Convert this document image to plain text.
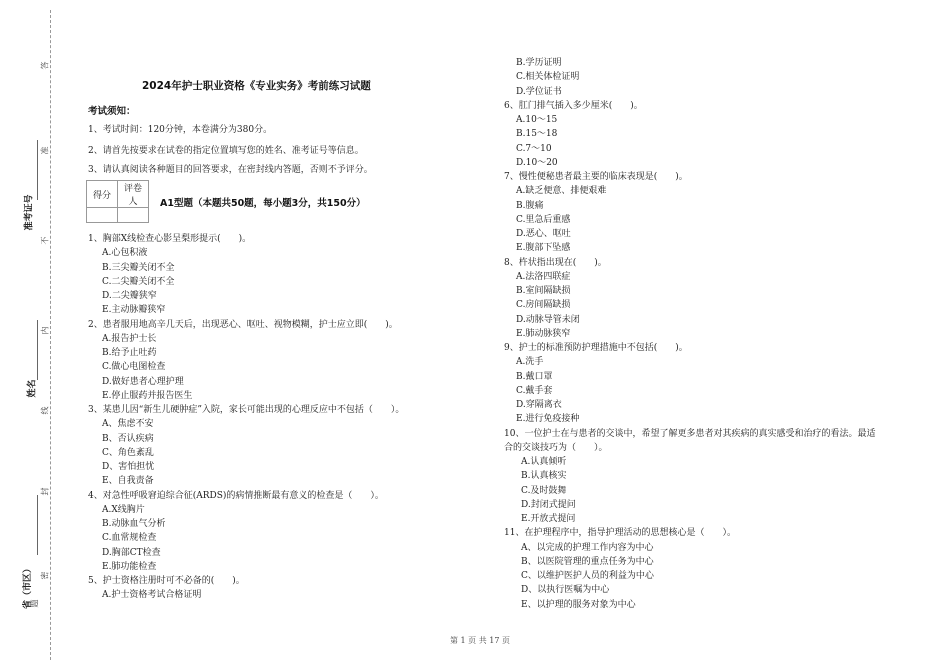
准考证号
姓名
省（市区）
答
准
不
内
线
封
密
题
2024年护士职业资格《专业实务》考前练习试题
考试须知：
1、考试时间：120分钟，本卷满分为380分。
2、请首先按要求在试卷的指定位置填写您的姓名、准考证号等信息。
3、请认真阅读各种题目的回答要求，在密封线内答题，否则不予评分。
得分	评卷人
	A1型题（本题共50题，每小题3分，共150分）
1、胸部X线检查心影呈梨形提示(　　)。
A.心包积液
B.三尖瓣关闭不全
C.二尖瓣关闭不全
D.二尖瓣狭窄
E.主动脉瓣狭窄
2、患者服用地高辛几天后，出现恶心、呕吐、视物模糊，护士应立即(　　)。
A.报告护士长
B.给予止吐药
C.做心电图检查
D.做好患者心理护理
E.停止服药并报告医生
3、某患儿因“新生儿硬肿症”入院，家长可能出现的心理反应中不包括（　　）。
A、焦虑不安
B、否认疾病
C、角色紊乱
D、害怕担忧
E、自我责备
4、对急性呼吸窘迫综合征(ARDS)的病情推断最有意义的检查是（　　）。
A.X线胸片
B.动脉血气分析
C.血常规检查
D.胸部CT检查
E.肺功能检查
5、护士资格注册时可不必备的(　　)。
A.护士资格考试合格证明
B.学历证明
C.相关体检证明
D.学位证书
6、肛门排气插入多少厘米(　　)。
A.10～15
B.15～18
C.7～10
D.10～20
7、慢性便秘患者最主要的临床表现是(　　)。
A.缺乏便意、排便艰难
B.腹痛
C.里急后重感
D.恶心、呕吐
E.腹部下坠感
8、杵状指出现在(　　)。
A.法洛四联症
B.室间隔缺损
C.房间隔缺损
D.动脉导管未闭
E.肺动脉狭窄
9、护士的标准预防护理措施中不包括(　　)。
A.洗手
B.戴口罩
C.戴手套
D.穿隔离衣
E.进行免疫接种
10、一位护士在与患者的交谈中，希望了解更多患者对其疾病的真实感受和治疗的看法。最适
合的交谈技巧为（　　）。
A.认真倾听
B.认真核实
C.及时鼓舞
D.封闭式提问
E.开放式提问
11、在护理程序中，指导护理活动的思想核心是（　　）。
A、以完成的护理工作内容为中心
B、以医院管理的重点任务为中心
C、以维护医护人员的利益为中心
D、以执行医嘱为中心
E、以护理的服务对象为中心
第 1 页 共 17 页
